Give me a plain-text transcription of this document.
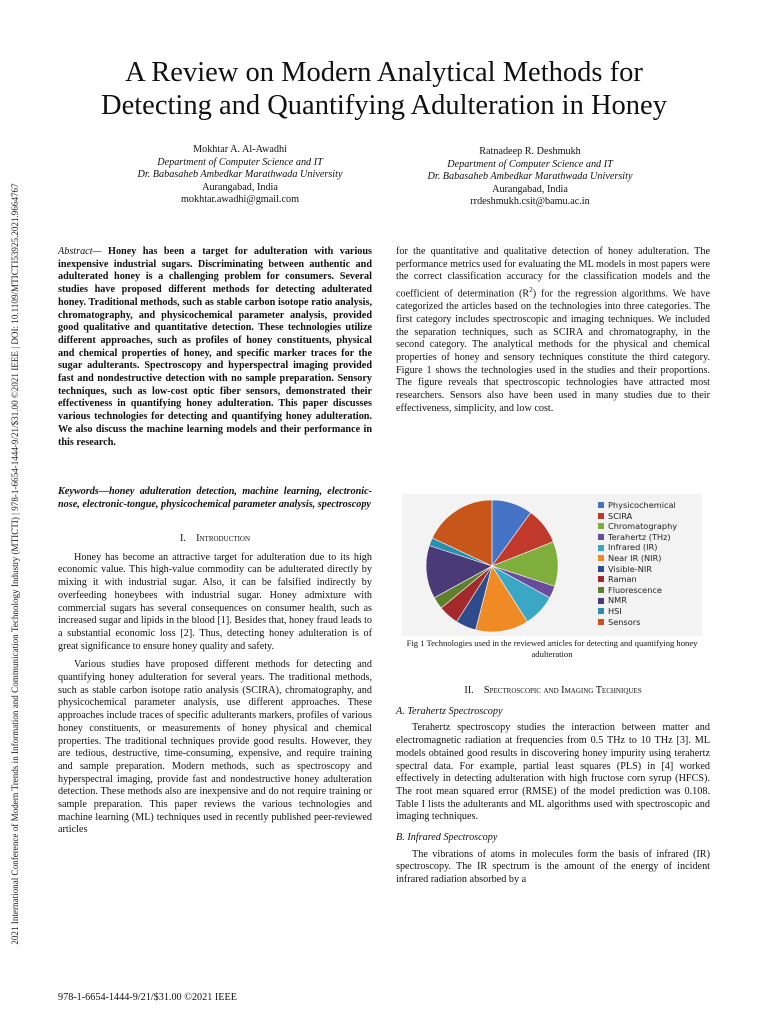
2021 International Conference of Modern Trends in Information and Communication Technology Industry (MTICTI) | 978-1-6654-1444-9/21/$31.00 ©2021 IEEE | DOI: 10.1109/MTICTI53925.2021.9664767
A Review on Modern Analytical Methods for
Detecting and Quantifying Adulteration in Honey
Mokhtar A. Al-Awadhi
Department of Computer Science and IT
Dr. Babasaheb Ambedkar Marathwada University
Aurangabad, India
mokhtar.awadhi@gmail.com
Ratnadeep R. Deshmukh
Department of Computer Science and IT
Dr. Babasaheb Ambedkar Marathwada University
Aurangabad, India
rrdeshmukh.csit@bamu.ac.in

Abstract— Honey has been a target for adulteration with various inexpensive industrial sugars. Discriminating between authentic and adulterated honey is a challenging problem for consumers. Several studies have proposed different methods for detecting adulterated honey. Traditional methods, such as stable carbon isotope ratio analysis, chromatography, and physicochemical parameter analysis, provided good qualitative and quantitative detection. These technologies utilize different approaches, such as profiles of honey constituents, physical and chemical properties of honey, and specific marker traces for the sugar adulterants. Spectroscopy and hyperspectral imaging provided fast and nondestructive detection with no sample preparation. Sensory techniques, such as low-cost optic fiber sensors, demonstrated their effectiveness in quantifying honey adulteration. This paper discusses various technologies for detecting and quantifying honey adulteration. We also discuss the machine learning models and their performance in this research.

Keywords—honey adulteration detection, machine learning, electronic-nose, electronic-tongue, physicochemical parameter analysis, spectroscopy

I. Introduction

Honey has become an attractive target for adulteration due to its high economic value. This high-value commodity can be adulterated directly by mixing it with industrial sugar. Also, it can be falsified indirectly by overfeeding honeybees with industrial sugar. Honey admixture with commercial sugars has several consequences on consumer health, such as increased sugar and lipids in the blood [1]. Besides that, honey fraud leads to a substantial economic loss [2]. Thus, detecting honey adulteration is of great significance to ensure honey quality and safety.

Various studies have proposed different methods for detecting and quantifying honey adulteration for several years. The traditional methods, such as stable carbon isotope ratio analysis (SCIRA), chromatography, and physicochemical parameter analysis, use different approaches. These approaches include traces of specific adulterants markers, profiles of various honey constituents, or measurements of honey physical and chemical properties. The traditional techniques provide good results. However, they are tedious, destructive, time-consuming, expensive, and require training and sample preparation. Modern methods, such as spectroscopy and hyperspectral imaging, provide fast and nondestructive honey adulteration detection. These methods also are inexpensive and do not require training or sample preparation. This paper reviews the various technologies and machine learning (ML) techniques used in recently published peer-reviewed articles

for the quantitative and qualitative detection of honey adulteration. The performance metrics used for evaluating the ML models in most papers were the correct classification accuracy for the classification models and the coefficient of determination $(R^2)$ for the regression algorithms. We have categorized the articles based on the technologies into three categories. The first category includes spectroscopic and imaging techniques. We included the separation techniques, such as SCIRA and chromatography, in the second category. The analytical methods for the physical and chemical properties of honey and sensory techniques constitute the third category. Figure 1 shows the technologies used in the studies and their proportions. The figure reveals that spectroscopic technologies have attracted most researchers. Sensors also have been used in many studies due to their effectiveness, simplicity, and low cost.

Physicochemical
SCIRA
Chromatography
Terahertz (THz)
Infrared (IR)
Near IR (NIR)
Visible-NIR
Raman
Fluorescence
NMR
HSI
Sensors
Fig 1 Technologies used in the reviewed articles for detecting and quantifying honey adulteration

II. Spectroscopic and Imaging Techniques

A. Terahertz Spectroscopy

Terahertz spectroscopy studies the interaction between matter and electromagnetic radiation at frequencies from 0.5 THz to 10 THz [3]. ML models obtained good results in discovering honey impurity using terahertz spectral data. For example, partial least squares (PLS) in [4] worked effectively in detecting adulteration with high fructose corn syrup (HFCS). The root mean squared error (RMSE) of the model prediction was 0.108. Table I lists the adulterants and ML algorithms used with spectroscopic and imaging techniques.

B. Infrared Spectroscopy

The vibrations of atoms in molecules form the basis of infrared (IR) spectroscopy. The IR spectrum is the amount of the energy of incident infrared radiation absorbed by a

978-1-6654-1444-9/21/$31.00 ©2021 IEEE
